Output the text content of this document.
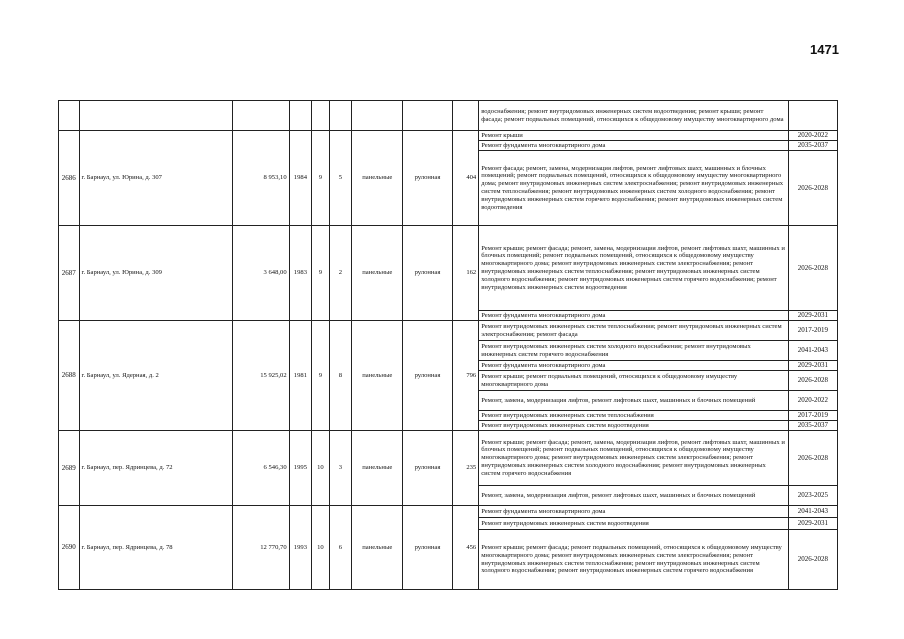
1471
									водоснабжения; ремонт внутридомовых инженерных систем водоотведения; ремонт крыши; ремонт фасада; ремонт подвальных помещений, относящихся к общедомовому имуществу многоквартирного дома	
2686	г. Барнаул, ул. Юрина, д. 307	8 953,10	1984	9	5	панельные	рулонная	404	Ремонт крыши	2020-2022
									Ремонт фундамента многоквартирного дома	2035-2037
									Ремонт фасада; ремонт, замена, модернизация лифтов, ремонт лифтовых шахт, машинных и блочных помещений; ремонт подвальных помещений, относящихся к общедомовому имуществу многоквартирного дома; ремонт внутридомовых инженерных систем электроснабжения; ремонт внутридомовых инженерных систем теплоснабжения; ремонт внутридомовых инженерных систем холодного водоснабжения; ремонт внутридомовых инженерных систем горячего водоснабжения; ремонт внутридомовых инженерных систем водоотведения	2026-2028
2687	г. Барнаул, ул. Юрина, д. 309	3 648,00	1983	9	2	панельные	рулонная	162	Ремонт крыши; ремонт фасада; ремонт, замена, модернизация лифтов, ремонт лифтовых шахт, машинных и блочных помещений; ремонт подвальных помещений, относящихся к общедомовому имуществу многоквартирного дома; ремонт внутридомовых инженерных систем электроснабжения; ремонт внутридомовых инженерных систем теплоснабжения; ремонт внутридомовых инженерных систем холодного водоснабжения; ремонт внутридомовых инженерных систем горячего водоснабжения; ремонт внутридомовых инженерных систем водоотведения	2026-2028
									Ремонт фундамента многоквартирного дома	2029-2031
2688	г. Барнаул, ул. Ядерная, д. 2	15 925,02	1981	9	8	панельные	рулонная	796	Ремонт внутридомовых инженерных систем теплоснабжения; ремонт внутридомовых инженерных систем электроснабжения; ремонт фасада	2017-2019
									Ремонт внутридомовых инженерных систем холодного водоснабжения; ремонт внутридомовых инженерных систем горячего водоснабжения	2041-2043
									Ремонт фундамента многоквартирного дома	2029-2031
									Ремонт крыши; ремонт подвальных помещений, относящихся к общедомовому имуществу многоквартирного дома	2026-2028
									Ремонт, замена, модернизация лифтов, ремонт лифтовых шахт, машинных и блочных помещений	2020-2022
									Ремонт внутридомовых инженерных систем теплоснабжения	2017-2019
									Ремонт внутридомовых инженерных систем водоотведения	2035-2037
2689	г. Барнаул, пер. Ядринцева, д. 72	6 546,30	1995	10	3	панельные	рулонная	235	Ремонт крыши; ремонт фасада; ремонт, замена, модернизация лифтов, ремонт лифтовых шахт, машинных и блочных помещений; ремонт подвальных помещений, относящихся к общедомовому имуществу многоквартирного дома; ремонт внутридомовых инженерных систем электроснабжения; ремонт внутридомовых инженерных систем холодного водоснабжения; ремонт внутридомовых инженерных систем горячего водоснабжения	2026-2028
									Ремонт, замена, модернизация лифтов, ремонт лифтовых шахт, машинных и блочных помещений	2023-2025
2690	г. Барнаул, пер. Ядринцева, д. 78	12 770,70	1993	10	6	панельные	рулонная	456	Ремонт фундамента многоквартирного дома	2041-2043
									Ремонт внутридомовых инженерных систем водоотведения	2029-2031
									Ремонт крыши; ремонт фасада; ремонт подвальных помещений, относящихся к общедомовому имуществу многоквартирного дома; ремонт внутридомовых инженерных систем электроснабжения; ремонт внутридомовых инженерных систем теплоснабжения; ремонт внутридомовых инженерных систем холодного водоснабжения; ремонт внутридомовых инженерных систем горячего водоснабжения	2026-2028
